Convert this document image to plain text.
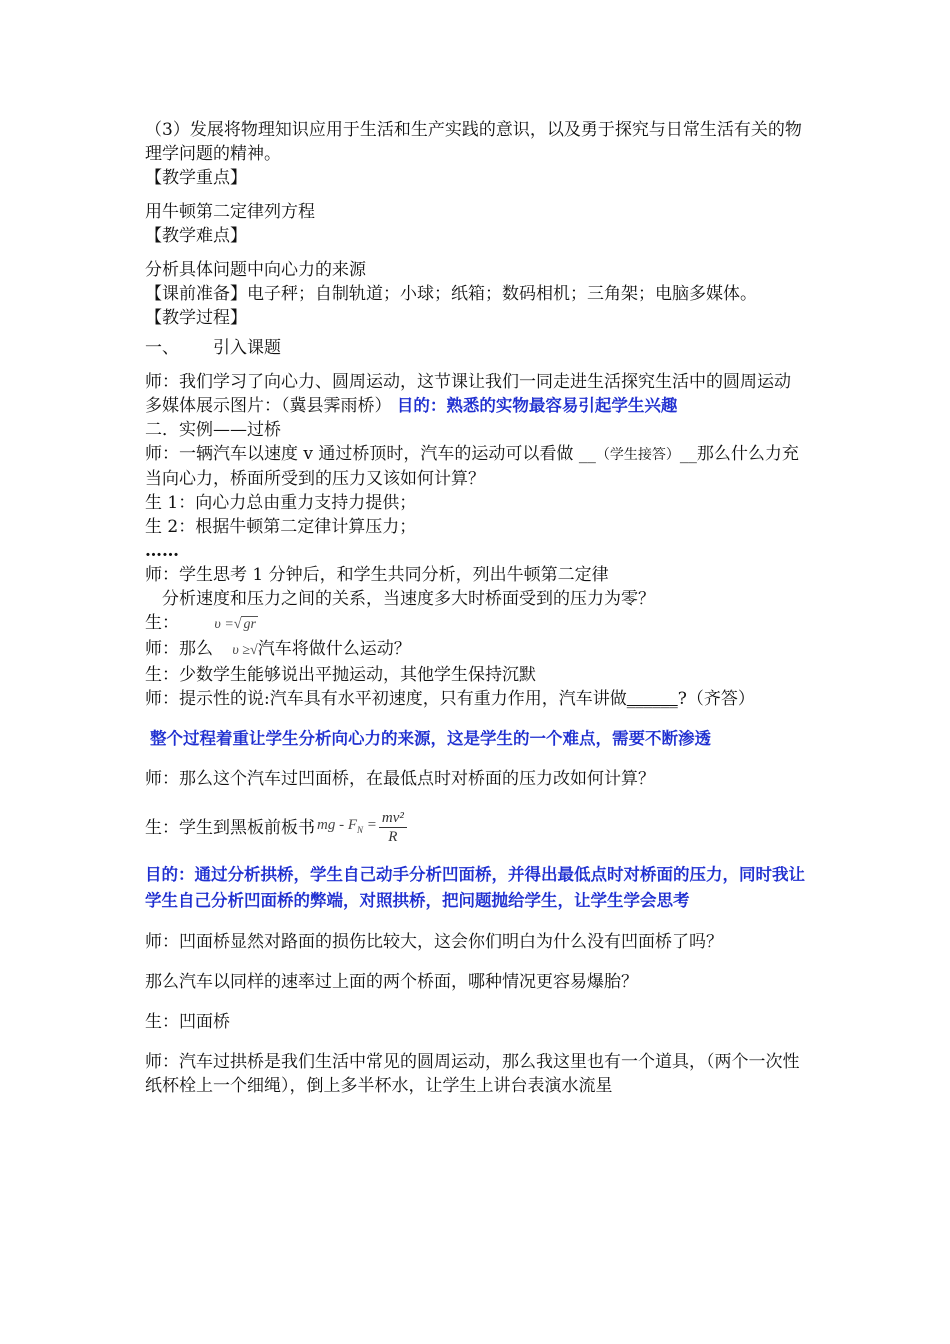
（3）发展将物理知识应用于生活和生产实践的意识，以及勇于探究与日常生活有关的物理学问题的精神。

【教学重点】

用牛顿第二定律列方程

【教学难点】

分析具体问题中向心力的来源

【课前准备】电子秤；自制轨道；小球；纸箱；数码相机；三角架；电脑多媒体。

【教学过程】

一、	引入课题

师：我们学习了向心力、圆周运动，这节课让我们一同走进生活探究生活中的圆周运动

多媒体展示图片：（冀县霁雨桥） 目的：熟悉的实物最容易引起学生兴趣

二．实例——过桥

师：一辆汽车以速度 v 通过桥顶时，汽车的运动可以看做 __（学生接答）__那么什么力充当向心力，桥面所受到的压力又该如何计算？

生 1：向心力总由重力支持力提供；

生 2：根据牛顿第二定律计算压力；

……

师：学生思考 1 分钟后，和学生共同分析，列出牛顿第二定律

分析速度和压力之间的关系，当速度多大时桥面受到的压力为零？

生：	υ =√ gr

师：那么 υ ≥√汽车将做什么运动？

生：少数学生能够说出平抛运动，其他学生保持沉默

师：提示性的说:汽车具有水平初速度，只有重力作用，汽车讲做______?（齐答）

整个过程着重让学生分析向心力的来源，这是学生的一个难点，需要不断渗透

师：那么这个汽车过凹面桥，在最低点时对桥面的压力改如何计算？

生：学生到黑板前板书 mg - $F_N = \frac{\text{mv²}}{R}$

目的：通过分析拱桥，学生自己动手分析凹面桥，并得出最低点时对桥面的压力，同时我让学生自己分析凹面桥的弊端，对照拱桥，把问题抛给学生，让学生学会思考

师：凹面桥显然对路面的损伤比较大，这会你们明白为什么没有凹面桥了吗？

那么汽车以同样的速率过上面的两个桥面，哪种情况更容易爆胎？

生：凹面桥

师：汽车过拱桥是我们生活中常见的圆周运动，那么我这里也有一个道具，（两个一次性纸杯栓上一个细绳），倒上多半杯水，让学生上讲台表演水流星
